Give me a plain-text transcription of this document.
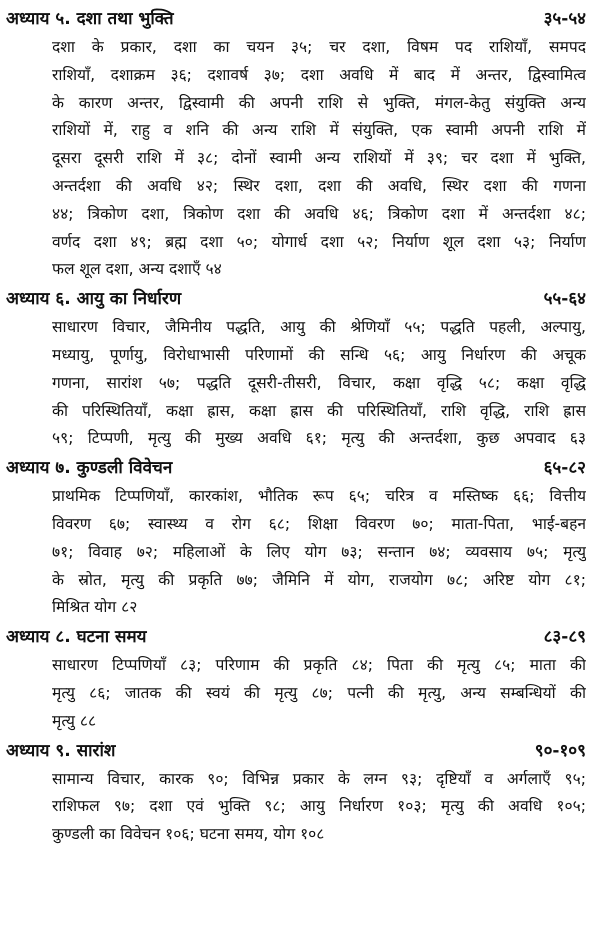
अध्याय ५. दशा तथा भुक्ति	३५-५४
दशा के प्रकार, दशा का चयन ३५; चर दशा, विषम पद राशियाँ, समपद
राशियाँ, दशाक्रम ३६; दशावर्ष ३७; दशा अवधि में बाद में अन्तर, द्विस्वामित्व
के कारण अन्तर, द्विस्वामी की अपनी राशि से भुक्ति, मंगल-केतु संयुक्ति अन्य
राशियों में, राहु व शनि की अन्य राशि में संयुक्ति, एक स्वामी अपनी राशि में
दूसरा दूसरी राशि में ३८; दोनों स्वामी अन्य राशियों में ३९; चर दशा में भुक्ति,
अन्तर्दशा की अवधि ४२; स्थिर दशा, दशा की अवधि, स्थिर दशा की गणना
४४; त्रिकोण दशा, त्रिकोण दशा की अवधि ४६; त्रिकोण दशा में अन्तर्दशा ४८;
वर्णद दशा ४९; ब्रह्म दशा ५०; योगार्ध दशा ५२; निर्याण शूल दशा ५३; निर्याण
फल शूल दशा, अन्य दशाएँ ५४
अध्याय ६. आयु का निर्धारण	५५-६४
साधारण विचार, जैमिनीय पद्धति, आयु की श्रेणियाँ ५५; पद्धति पहली, अल्पायु,
मध्यायु, पूर्णायु, विरोधाभासी परिणामों की सन्धि ५६; आयु निर्धारण की अचूक
गणना, सारांश ५७; पद्धति दूसरी-तीसरी, विचार, कक्षा वृद्धि ५८; कक्षा वृद्धि
की परिस्थितियाँ, कक्षा ह्रास, कक्षा ह्रास की परिस्थितियाँ, राशि वृद्धि, राशि ह्रास
५९; टिप्पणी, मृत्यु की मुख्य अवधि ६१; मृत्यु की अन्तर्दशा, कुछ अपवाद ६३
अध्याय ७. कुण्डली विवेचन	६५-८२
प्राथमिक टिप्पणियाँ, कारकांश, भौतिक रूप ६५; चरित्र व मस्तिष्क ६६; वित्तीय
विवरण ६७; स्वास्थ्य व रोग ६८; शिक्षा विवरण ७०; माता-पिता, भाई-बहन
७१; विवाह ७२; महिलाओं के लिए योग ७३; सन्तान ७४; व्यवसाय ७५; मृत्यु
के स्रोत, मृत्यु की प्रकृति ७७; जैमिनि में योग, राजयोग ७८; अरिष्ट योग ८१;
मिश्रित योग ८२
अध्याय ८. घटना समय	८३-८९
साधारण टिप्पणियाँ ८३; परिणाम की प्रकृति ८४; पिता की मृत्यु ८५; माता की
मृत्यु ८६; जातक की स्वयं की मृत्यु ८७; पत्नी की मृत्यु, अन्य सम्बन्धियों की
मृत्यु ८८
अध्याय ९. सारांश	९०-१०९
सामान्य विचार, कारक ९०; विभिन्न प्रकार के लग्न ९३; दृष्टियाँ व अर्गलाएँ ९५;
राशिफल ९७; दशा एवं भुक्ति ९८; आयु निर्धारण १०३; मृत्यु की अवधि १०५;
कुण्डली का विवेचन १०६; घटना समय, योग १०८
